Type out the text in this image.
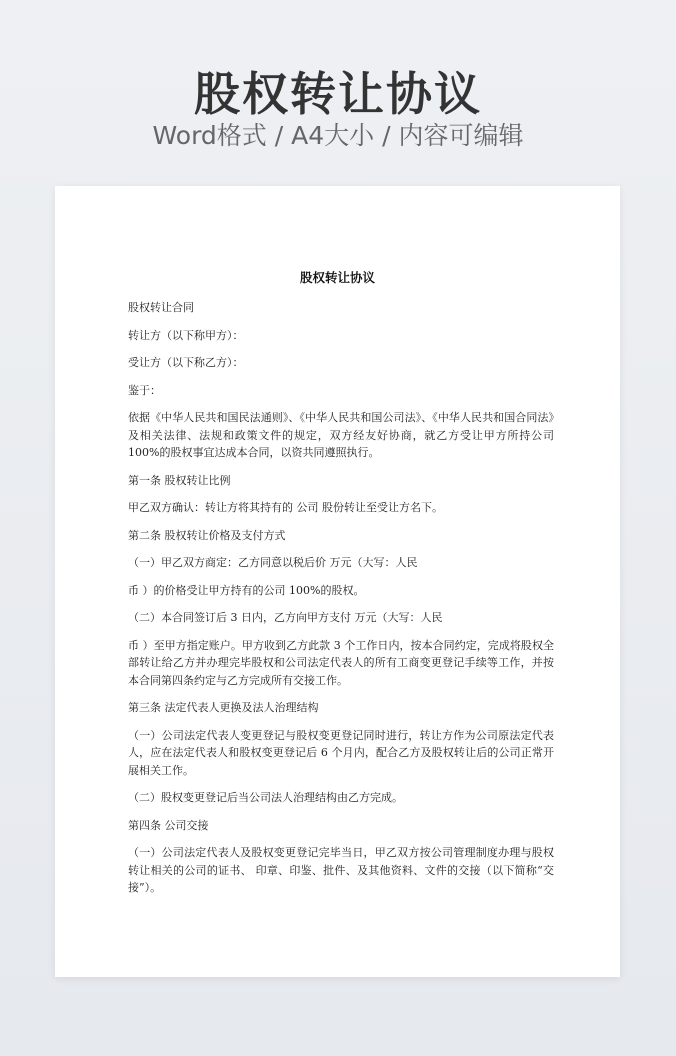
股权转让协议
Word格式 / A4大小 / 内容可编辑
股权转让协议

股权转让合同

转让方（以下称甲方）：

受让方（以下称乙方）：

鉴于：

依据《中华人民共和国民法通则》、《中华人民共和国公司法》、《中华人民共和国合同法》及相关法律、法规和政策文件的规定，双方经友好协商，就乙方受让甲方所持公司100%的股权事宜达成本合同，以资共同遵照执行。

第一条 股权转让比例

甲乙双方确认：转让方将其持有的 公司 股份转让至受让方名下。

第二条 股权转让价格及支付方式

（一）甲乙双方商定：乙方同意以税后价 万元（大写：人民

币 ）的价格受让甲方持有的公司 100%的股权。

（二）本合同签订后 3 日内，乙方向甲方支付 万元（大写：人民

币 ）至甲方指定账户。甲方收到乙方此款 3 个工作日内，按本合同约定，完成将股权全部转让给乙方并办理完毕股权和公司法定代表人的所有工商变更登记手续等工作，并按本合同第四条约定与乙方完成所有交接工作。

第三条 法定代表人更换及法人治理结构

（一）公司法定代表人变更登记与股权变更登记同时进行，转让方作为公司原法定代表人，应在法定代表人和股权变更登记后 6 个月内，配合乙方及股权转让后的公司正常开展相关工作。

（二）股权变更登记后当公司法人治理结构由乙方完成。

第四条 公司交接

（一）公司法定代表人及股权变更登记完毕当日，甲乙双方按公司管理制度办理与股权转让相关的公司的证书、 印章、印鉴、批件、及其他资料、文件的交接（以下简称“交接”）。
